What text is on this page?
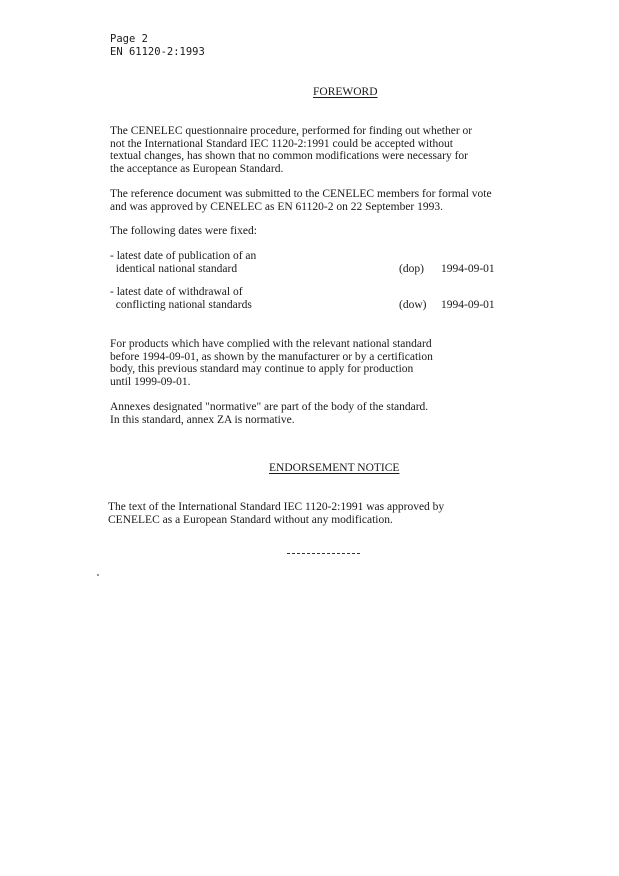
Page 2
EN 61120-2:1993
FOREWORD
The CENELEC questionnaire procedure, performed for finding out whether or
not the International Standard IEC 1120-2:1991 could be accepted without
textual changes, has shown that no common modifications were necessary for
the acceptance as European Standard.
The reference document was submitted to the CENELEC members for formal vote
and was approved by CENELEC as EN 61120-2 on 22 September 1993.
The following dates were fixed:
- latest date of publication of an
identical national standard	(dop) 1994-09-01
- latest date of withdrawal of
conflicting national standards	(dow) 1994-09-01
For products which have complied with the relevant national standard
before 1994-09-01, as shown by the manufacturer or by a certification
body, this previous standard may continue to apply for production
until 1999-09-01.
Annexes designated "normative" are part of the body of the standard.
In this standard, annex ZA is normative.
ENDORSEMENT NOTICE
The text of the International Standard IEC 1120-2:1991 was approved by
CENELEC as a European Standard without any modification.
